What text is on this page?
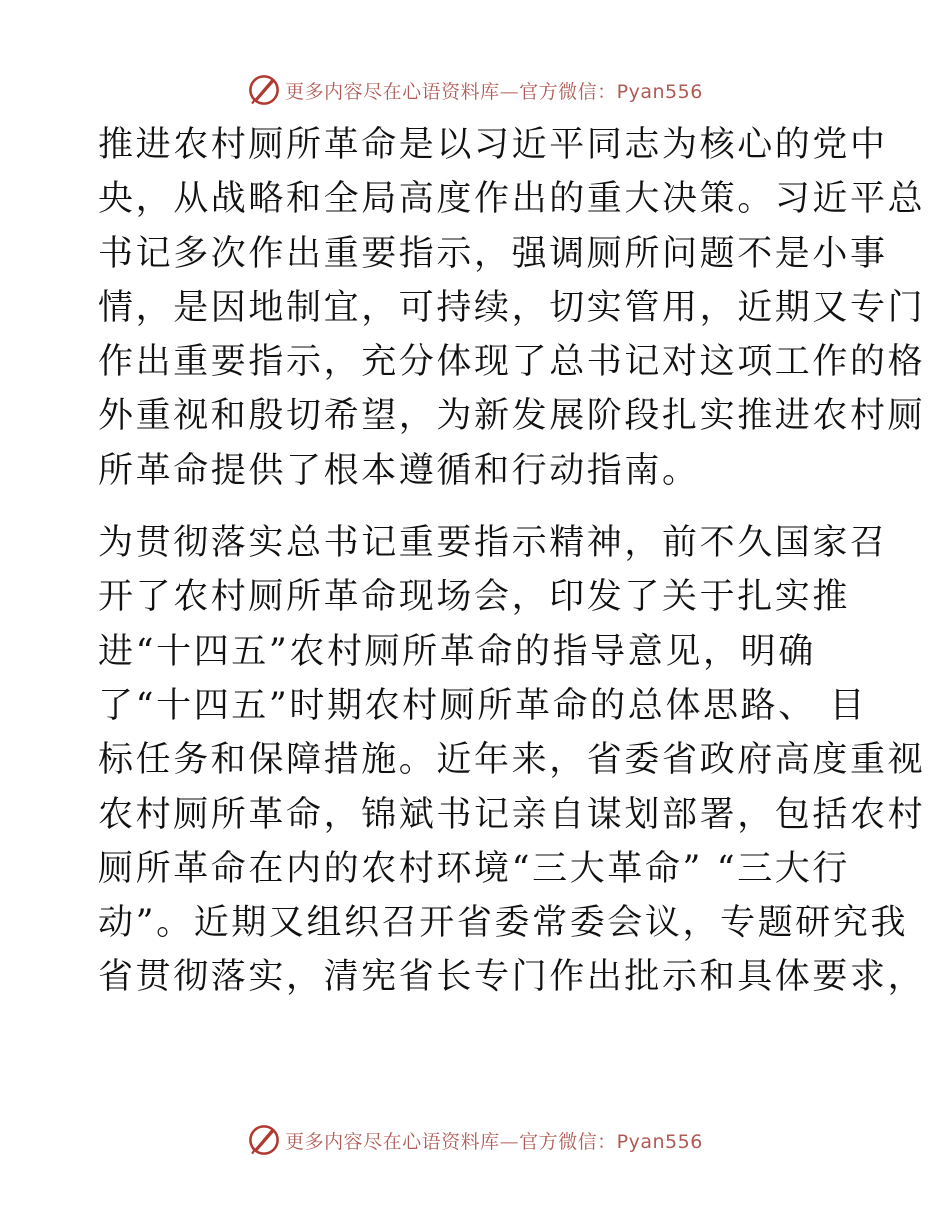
更多内容尽在心语资料库—官方微信：Pyan556

推进农村厕所革命是以习近平同志为核心的党中
央，从战略和全局高度作出的重大决策。习近平总
书记多次作出重要指示，强调厕所问题不是小事
情，是因地制宜，可持续，切实管用，近期又专门
作出重要指示，充分体现了总书记对这项工作的格
外重视和殷切希望，为新发展阶段扎实推进农村厕
所革命提供了根本遵循和行动指南。

为贯彻落实总书记重要指示精神，前不久国家召
开了农村厕所革命现场会，印发了关于扎实推
进“十四五”农村厕所革命的指导意见，明确
了“十四五”时期农村厕所革命的总体思路、 目
标任务和保障措施。近年来，省委省政府高度重视
农村厕所革命，锦斌书记亲自谋划部署，包括农村
厕所革命在内的农村环境“三大革命” “三大行
动”。近期又组织召开省委常委会议，专题研究我
省贯彻落实，清宪省长专门作出批示和具体要求，

更多内容尽在心语资料库—官方微信：Pyan556
